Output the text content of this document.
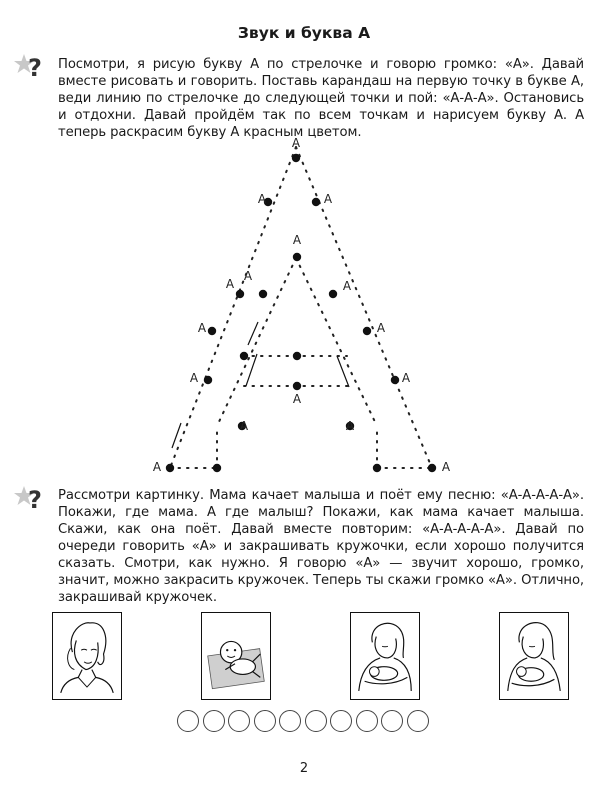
Звук и буква А
? Посмотри, я рисую букву А по стрелочке и говорю громко: «А». Давай вместе рисовать и говорить. Поставь карандаш на первую точку в букве А, веди линию по стрелочке до следующей точки и пой: «А-А-А». Остановись и отдохни. Давай пройдём так по всем точкам и нарисуем букву А. А теперь раскрасим букву А красным цветом.
А
А	А
А
А
А
А
А	А
А
А	А
А	А
А	А
? Рассмотри картинку. Мама качает малыша и поёт ему песню: «А-А-А-А-А». Покажи, где мама. А где малыш? Покажи, как мама качает малыша. Скажи, как она поёт. Давай вместе повторим: «А-А-А-А-А». Давай по очереди говорить «А» и закрашивать кружочки, если хорошо получится сказать. Смотри, как нужно. Я говорю «А» — звучит хорошо, громко, значит, можно закрасить кружочек. Теперь ты скажи громко «А». Отлично, закрашивай кружочек.
2
